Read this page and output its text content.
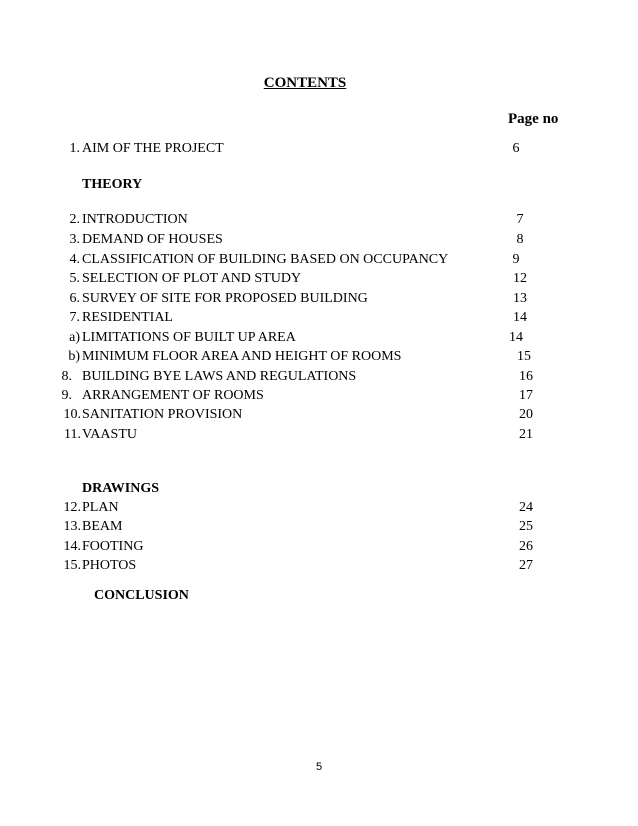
CONTENTS
Page no
1. AIM OF THE PROJECT	6
THEORY
2. INTRODUCTION	7
3. DEMAND OF HOUSES	8
4. CLASSIFICATION OF BUILDING BASED ON OCCUPANCY	9
5. SELECTION OF PLOT AND STUDY	12
6. SURVEY OF SITE FOR PROPOSED BUILDING	13
7. RESIDENTIAL	14
a) LIMITATIONS OF BUILT UP AREA	14
b) MINIMUM FLOOR AREA AND HEIGHT OF ROOMS	15
8. BUILDING BYE LAWS AND REGULATIONS	16
9. ARRANGEMENT OF ROOMS	17
10. SANITATION PROVISION	20
11. VAASTU	21
DRAWINGS
12. PLAN	24
13. BEAM	25
14. FOOTING	26
15. PHOTOS	27
CONCLUSION
5
